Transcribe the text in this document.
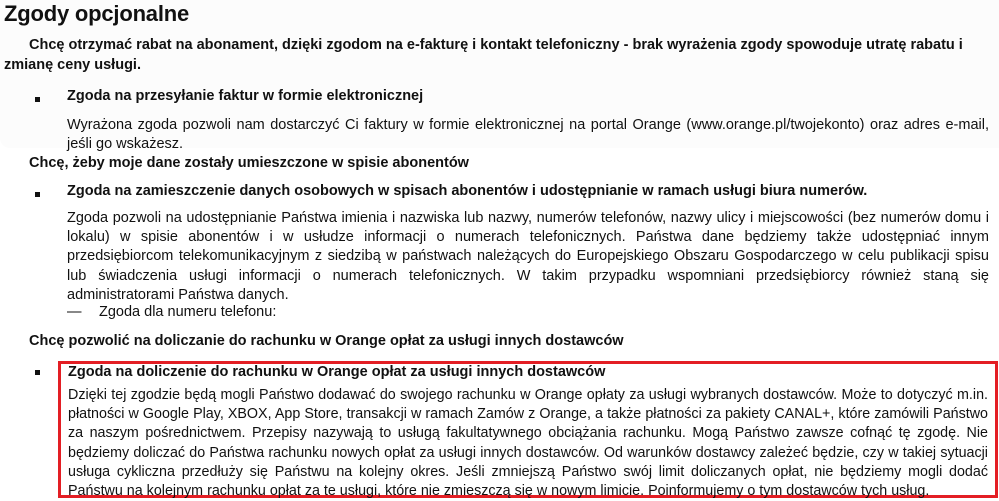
Zgody opcjonalne

Chcę otrzymać rabat na abonament, dzięki zgodom na e-fakturę i kontakt telefoniczny - brak wyrażenia zgody spowoduje utratę rabatu i zmianę ceny usługi.

Zgoda na przesyłanie faktur w formie elektronicznej

Wyrażona zgoda pozwoli nam dostarczyć Ci faktury w formie elektronicznej na portal Orange (www.orange.pl/twojekonto) oraz adres e-mail, jeśli go wskażesz.

Chcę, żeby moje dane zostały umieszczone w spisie abonentów

Zgoda na zamieszczenie danych osobowych w spisach abonentów i udostępnianie w ramach usługi biura numerów.

Zgoda pozwoli na udostępnianie Państwa imienia i nazwiska lub nazwy, numerów telefonów, nazwy ulicy i miejscowości (bez numerów domu i lokalu) w spisie abonentów i w usłudze informacji o numerach telefonicznych. Państwa dane będziemy także udostępniać innym przedsiębiorcom telekomunikacyjnym z siedzibą w państwach należących do Europejskiego Obszaru Gospodarczego w celu publikacji spisu lub świadczenia usługi informacji o numerach telefonicznych. W takim przypadku wspomniani przedsiębiorcy również staną się administratorami Państwa danych.

— Zgoda dla numeru telefonu:

Chcę pozwolić na doliczanie do rachunku w Orange opłat za usługi innych dostawców

Zgoda na doliczenie do rachunku w Orange opłat za usługi innych dostawców

Dzięki tej zgodzie będą mogli Państwo dodawać do swojego rachunku w Orange opłaty za usługi wybranych dostawców. Może to dotyczyć m.in. płatności w Google Play, XBOX, App Store, transakcji w ramach Zamów z Orange, a także płatności za pakiety CANAL+, które zamówili Państwo za naszym pośrednictwem. Przepisy nazywają to usługą fakultatywnego obciążania rachunku. Mogą Państwo zawsze cofnąć tę zgodę. Nie będziemy doliczać do Państwa rachunku nowych opłat za usługi innych dostawców. Od warunków dostawcy zależeć będzie, czy w takiej sytuacji usługa cykliczna przedłuży się Państwu na kolejny okres. Jeśli zmniejszą Państwo swój limit doliczanych opłat, nie będziemy mogli dodać Państwu na kolejnym rachunku opłat za te usługi, które nie zmieszczą się w nowym limicie. Poinformujemy o tym dostawców tych usług.
